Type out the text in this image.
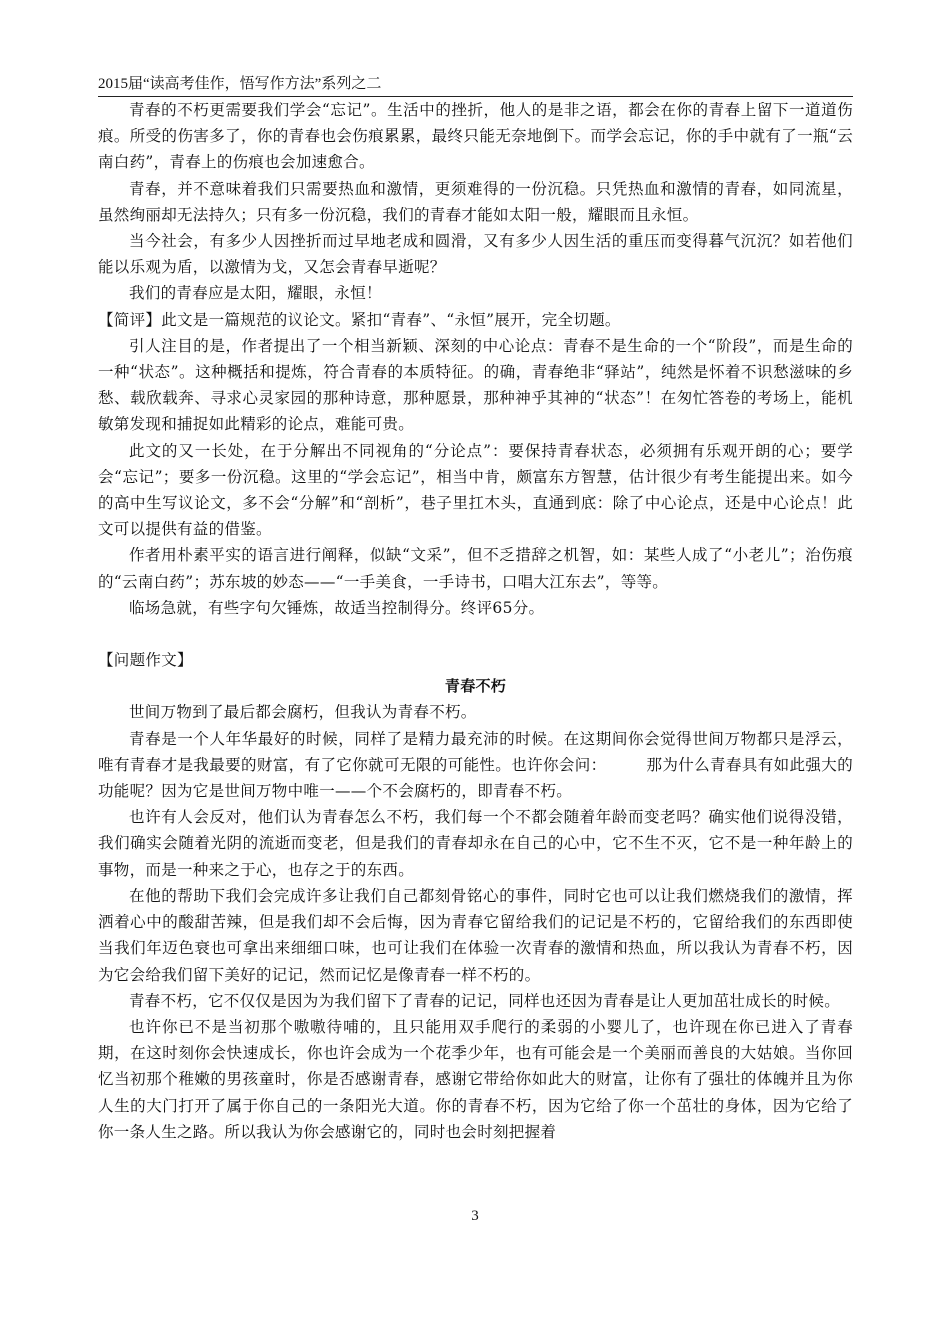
2015届“读高考佳作，悟写作方法”系列之二

青春的不朽更需要我们学会“忘记”。生活中的挫折，他人的是非之语，都会在你的青春上留下一道道伤痕。所受的伤害多了，你的青春也会伤痕累累，最终只能无奈地倒下。而学会忘记，你的手中就有了一瓶“云南白药”，青春上的伤痕也会加速愈合。

青春，并不意味着我们只需要热血和激情，更须难得的一份沉稳。只凭热血和激情的青春，如同流星，虽然绚丽却无法持久；只有多一份沉稳，我们的青春才能如太阳一般，耀眼而且永恒。

当今社会，有多少人因挫折而过早地老成和圆滑，又有多少人因生活的重压而变得暮气沉沉？如若他们能以乐观为盾，以激情为戈，又怎会青春早逝呢？

我们的青春应是太阳，耀眼，永恒！

【简评】此文是一篇规范的议论文。紧扣“青春”、“永恒”展开，完全切题。

引人注目的是，作者提出了一个相当新颖、深刻的中心论点：青春不是生命的一个“阶段”，而是生命的一种“状态”。这种概括和提炼，符合青春的本质特征。的确，青春绝非“驿站”，纯然是怀着不识愁滋味的乡愁、载欣载奔、寻求心灵家园的那种诗意，那种愿景，那种神乎其神的“状态”！在匆忙答卷的考场上，能机敏第发现和捕捉如此精彩的论点，难能可贵。

此文的又一长处，在于分解出不同视角的“分论点”：要保持青春状态，必须拥有乐观开朗的心；要学会“忘记”；要多一份沉稳。这里的“学会忘记”，相当中肯，颇富东方智慧，估计很少有考生能提出来。如今的高中生写议论文，多不会“分解”和“剖析”，巷子里扛木头，直通到底：除了中心论点，还是中心论点！此文可以提供有益的借鉴。

作者用朴素平实的语言进行阐释，似缺“文采”，但不乏措辞之机智，如：某些人成了“小老儿”；治伤痕的“云南白药”；苏东坡的妙态——“一手美食，一手诗书，口唱大江东去”，等等。

临场急就，有些字句欠锤炼，故适当控制得分。终评65分。

【问题作文】

青春不朽

世间万物到了最后都会腐朽，但我认为青春不朽。

青春是一个人年华最好的时候，同样了是精力最充沛的时候。在这期间你会觉得世间万物都只是浮云，唯有青春才是我最要的财富，有了它你就可无限的可能性。也许你会问：　　　那为什么青春具有如此强大的功能呢？因为它是世间万物中唯一——个不会腐朽的，即青春不朽。

也许有人会反对，他们认为青春怎么不朽，我们每一个不都会随着年龄而变老吗？确实他们说得没错，我们确实会随着光阴的流逝而变老，但是我们的青春却永在自己的心中，它不生不灭，它不是一种年龄上的事物，而是一种来之于心，也存之于的东西。

在他的帮助下我们会完成许多让我们自己都刻骨铭心的事件，同时它也可以让我们燃烧我们的激情，挥洒着心中的酸甜苦辣，但是我们却不会后悔，因为青春它留给我们的记记是不朽的，它留给我们的东西即使当我们年迈色衰也可拿出来细细口味，也可让我们在体验一次青春的激情和热血，所以我认为青春不朽，因为它会给我们留下美好的记记，然而记忆是像青春一样不朽的。

青春不朽，它不仅仅是因为为我们留下了青春的记记，同样也还因为青春是让人更加茁壮成长的时候。

也许你已不是当初那个嗷嗷待哺的，且只能用双手爬行的柔弱的小婴儿了，也许现在你已进入了青春期，在这时刻你会快速成长，你也许会成为一个花季少年，也有可能会是一个美丽而善良的大姑娘。当你回忆当初那个稚嫩的男孩童时，你是否感谢青春，感谢它带给你如此大的财富，让你有了强壮的体魄并且为你人生的大门打开了属于你自己的一条阳光大道。你的青春不朽，因为它给了你一个茁壮的身体，因为它给了你一条人生之路。所以我认为你会感谢它的，同时也会时刻把握着

3
